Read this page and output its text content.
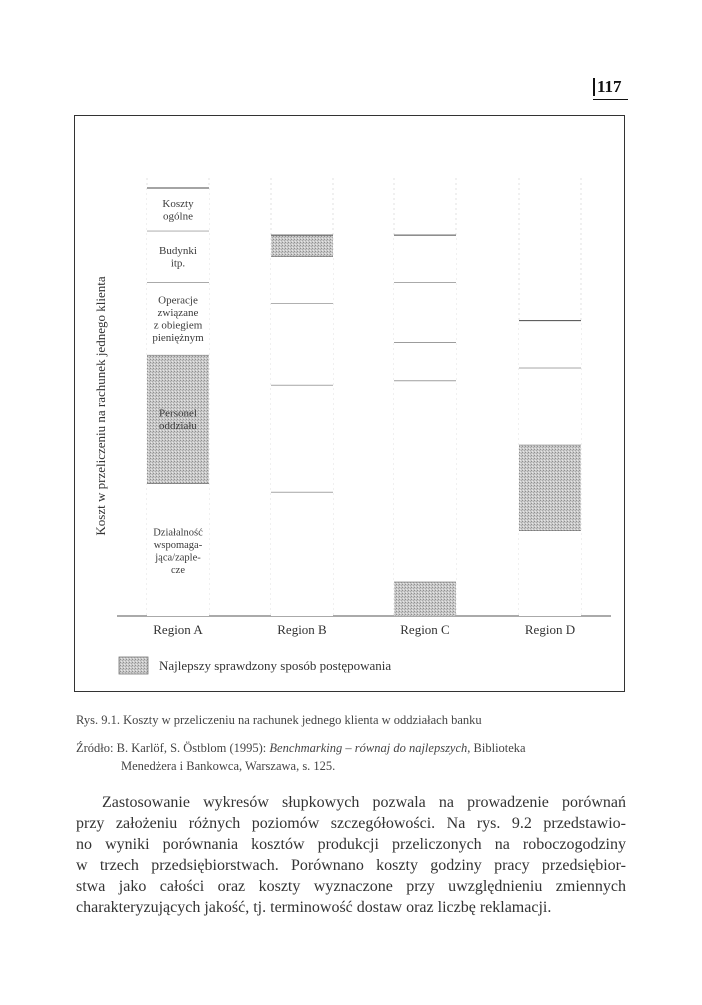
117
Koszt w przeliczeniu na rachunek jednego klienta	Działalność
wspomaga-
jąca/zaple-
cze
Personel
oddziału
Operacje
związane
z obiegiem
pieniężnym
Budynki
itp.
Koszty
ogólne
Region A	Region B	Region C	Region D
Najlepszy sprawdzony sposób postępowania
Rys. 9.1. Koszty w przeliczeniu na rachunek jednego klienta w oddziałach banku
Źródło: B. Karlöf, S. Östblom (1995): Benchmarking – równaj do najlepszych, Biblioteka
Menedżera i Bankowca, Warszawa, s. 125.
Zastosowanie wykresów słupkowych pozwala na prowadzenie porównań
przy założeniu różnych poziomów szczegółowości. Na rys. 9.2 przedstawio-
no wyniki porównania kosztów produkcji przeliczonych na roboczogodziny
w trzech przedsiębiorstwach. Porównano koszty godziny pracy przedsiębior-
stwa jako całości oraz koszty wyznaczone przy uwzględnieniu zmiennych
charakteryzujących jakość, tj. terminowość dostaw oraz liczbę reklamacji.
